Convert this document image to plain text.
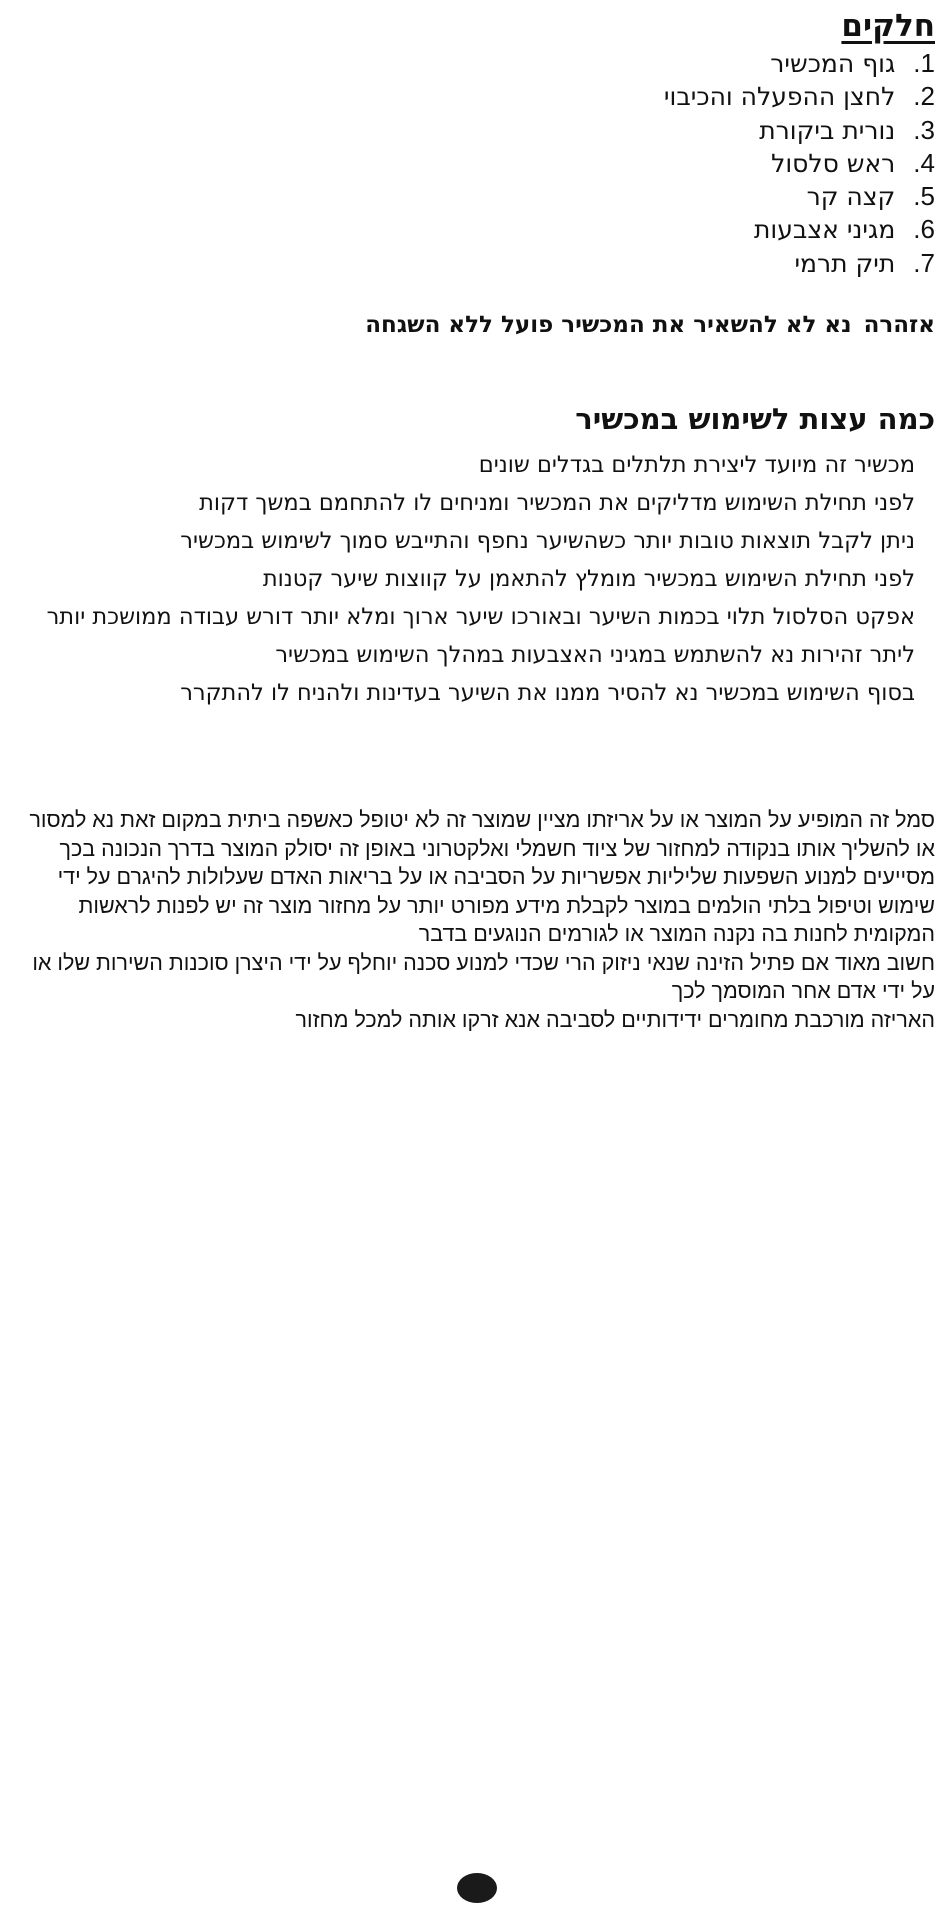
חלקים
1.גוף המכשיר
2.לחצן ההפעלה והכיבוי
3.נורית ביקורת
4.ראש סלסול
5.קצה קר
6.מגיני אצבעות
7.תיק תרמי
אזהרהנא לא להשאיר את המכשיר פועל ללא השגחה
כמה עצות לשימוש במכשיר
מכשיר זה מיועד ליצירת תלתלים בגדלים שונים
לפני תחילת השימוש מדליקים את המכשיר ומניחים לו להתחמם במשך דקות
ניתן לקבל תוצאות טובות יותר כשהשיער נחפף והתייבש סמוך לשימוש במכשיר
לפני תחילת השימוש במכשיר מומלץ להתאמן על קווצות שיער קטנות
אפקט הסלסול תלוי בכמות השיער ובאורכו שיער ארוך ומלא יותר דורש עבודה ממושכת יותר
ליתר זהירות נא להשתמש במגיני האצבעות במהלך השימוש במכשיר
בסוף השימוש במכשיר נא להסיר ממנו את השיער בעדינות ולהניח לו להתקרר

סמל זה המופיע על המוצר או על אריזתו מציין שמוצר זה לא יטופל כאשפה ביתית במקום זאת נא למסור או להשליך אותו בנקודה למחזור של ציוד חשמלי ואלקטרוני באופן זה יסולק המוצר בדרך הנכונה בכך מסייעים למנוע השפעות שליליות אפשריות על הסביבה או על בריאות האדם שעלולות להיגרם על ידי שימוש וטיפול בלתי הולמים במוצר לקבלת מידע מפורט יותר על מחזור מוצר זה יש לפנות לראשות המקומית לחנות בה נקנה המוצר או לגורמים הנוגעים בדבר

חשוב מאוד אם פתיל הזינה שנאי ניזוק הרי שכדי למנוע סכנה יוחלף על ידי היצרן סוכנות השירות שלו או על ידי אדם אחר המוסמך לכך

האריזה מורכבת מחומרים ידידותיים לסביבה אנא זרקו אותה למכל מחזור
